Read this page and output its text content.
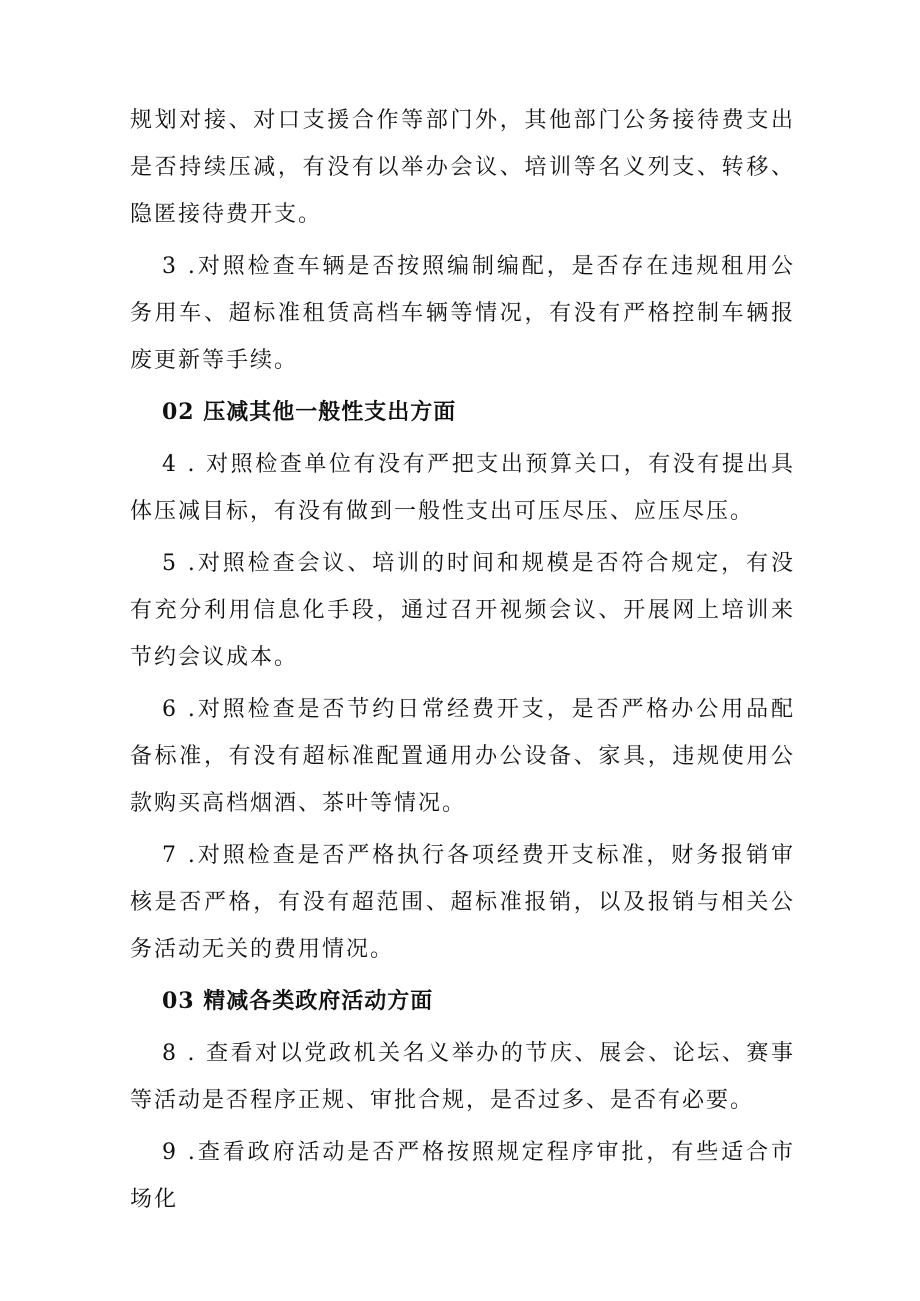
规划对接、对口支援合作等部门外，其他部门公务接待费支出是否持续压减，有没有以举办会议、培训等名义列支、转移、隐匿接待费开支。

3 .对照检查车辆是否按照编制编配，是否存在违规租用公务用车、超标准租赁高档车辆等情况，有没有严格控制车辆报废更新等手续。

02 压减其他一般性支出方面

4 . 对照检查单位有没有严把支出预算关口，有没有提出具体压减目标，有没有做到一般性支出可压尽压、应压尽压。

5 .对照检查会议、培训的时间和规模是否符合规定，有没有充分利用信息化手段，通过召开视频会议、开展网上培训来节约会议成本。

6 .对照检查是否节约日常经费开支，是否严格办公用品配备标准，有没有超标准配置通用办公设备、家具，违规使用公款购买高档烟酒、茶叶等情况。

7 .对照检查是否严格执行各项经费开支标准，财务报销审核是否严格，有没有超范围、超标准报销，以及报销与相关公务活动无关的费用情况。

03 精减各类政府活动方面

8 . 查看对以党政机关名义举办的节庆、展会、论坛、赛事等活动是否程序正规、审批合规，是否过多、是否有必要。

9 .查看政府活动是否严格按照规定程序审批，有些适合市场化
